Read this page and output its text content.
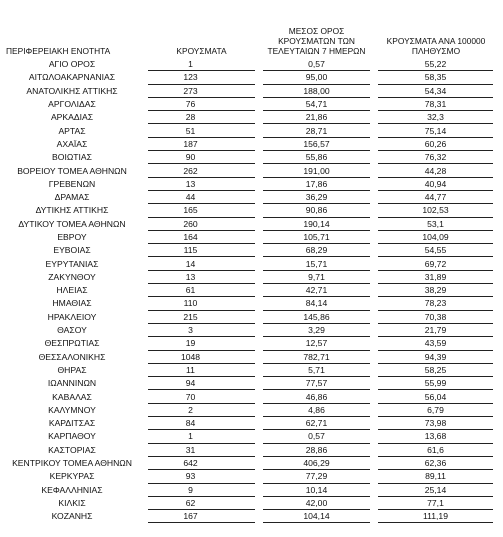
ΠΕΡΙΦΕΡΕΙΑΚΗ ΕΝΟΤΗΤΑ	ΚΡΟΥΣΜΑΤΑ	ΜΕΣΟΣ ΟΡΟΣ ΚΡΟΥΣΜΑΤΩΝ ΤΩΝ ΤΕΛΕΥΤΑΙΩΝ 7 ΗΜΕΡΩΝ	ΚΡΟΥΣΜΑΤΑ ΑΝΑ 100000 ΠΛΗΘΥΣΜΟ
ΑΓΙΟ ΟΡΟΣ	1	0,57	55,22
ΑΙΤΩΛΟΑΚΑΡΝΑΝΙΑΣ	123	95,00	58,35
ΑΝΑΤΟΛΙΚΗΣ ΑΤΤΙΚΗΣ	273	188,00	54,34
ΑΡΓΟΛΙΔΑΣ	76	54,71	78,31
ΑΡΚΑΔΙΑΣ	28	21,86	32,3
ΑΡΤΑΣ	51	28,71	75,14
ΑΧΑΪΑΣ	187	156,57	60,26
ΒΟΙΩΤΙΑΣ	90	55,86	76,32
ΒΟΡΕΙΟΥ ΤΟΜΕΑ ΑΘΗΝΩΝ	262	191,00	44,28
ΓΡΕΒΕΝΩΝ	13	17,86	40,94
ΔΡΑΜΑΣ	44	36,29	44,77
ΔΥΤΙΚΗΣ ΑΤΤΙΚΗΣ	165	90,86	102,53
ΔΥΤΙΚΟΥ ΤΟΜΕΑ ΑΘΗΝΩΝ	260	190,14	53,1
ΕΒΡΟΥ	164	105,71	104,09
ΕΥΒΟΙΑΣ	115	68,29	54,55
ΕΥΡΥΤΑΝΙΑΣ	14	15,71	69,72
ΖΑΚΥΝΘΟΥ	13	9,71	31,89
ΗΛΕΙΑΣ	61	42,71	38,29
ΗΜΑΘΙΑΣ	110	84,14	78,23
ΗΡΑΚΛΕΙΟΥ	215	145,86	70,38
ΘΑΣΟΥ	3	3,29	21,79
ΘΕΣΠΡΩΤΙΑΣ	19	12,57	43,59
ΘΕΣΣΑΛΟΝΙΚΗΣ	1048	782,71	94,39
ΘΗΡΑΣ	11	5,71	58,25
ΙΩΑΝΝΙΝΩΝ	94	77,57	55,99
ΚΑΒΑΛΑΣ	70	46,86	56,04
ΚΑΛΥΜΝΟΥ	2	4,86	6,79
ΚΑΡΔΙΤΣΑΣ	84	62,71	73,98
ΚΑΡΠΑΘΟΥ	1	0,57	13,68
ΚΑΣΤΟΡΙΑΣ	31	28,86	61,6
ΚΕΝΤΡΙΚΟΥ ΤΟΜΕΑ ΑΘΗΝΩΝ	642	406,29	62,36
ΚΕΡΚΥΡΑΣ	93	77,29	89,11
ΚΕΦΑΛΛΗΝΙΑΣ	9	10,14	25,14
ΚΙΛΚΙΣ	62	42,00	77,1
ΚΟΖΑΝΗΣ	167	104,14	111,19
